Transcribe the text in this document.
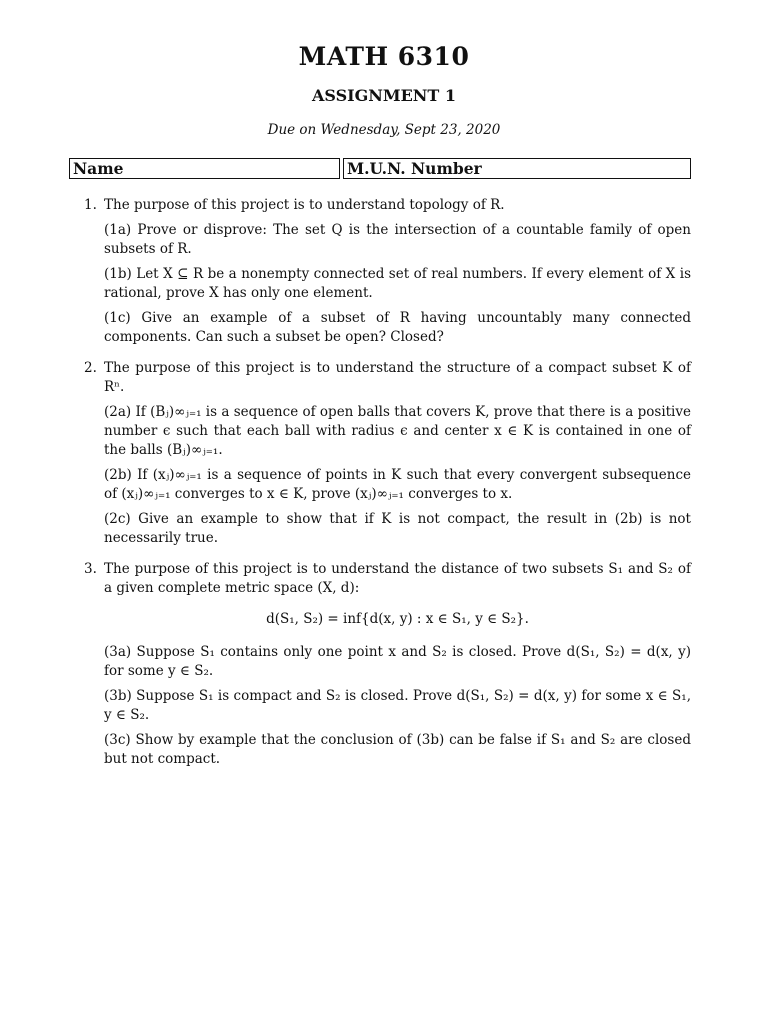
MATH 6310
ASSIGNMENT 1
Due on Wednesday, Sept 23, 2020
Name	M.U.N. Number
1. The purpose of this project is to understand topology of R.

(1a) Prove or disprove: The set Q is the intersection of a countable family of open subsets of R.

(1b) Let X ⊆ R be a nonempty connected set of real numbers. If every element of X is rational, prove X has only one element.

(1c) Give an example of a subset of R having uncountably many connected components. Can such a subset be open? Closed?

2. The purpose of this project is to understand the structure of a compact subset K of Rⁿ.

(2a) If (Bⱼ)∞ⱼ₌₁ is a sequence of open balls that covers K, prove that there is a positive number ϵ such that each ball with radius ϵ and center x ∈ K is contained in one of the balls (Bⱼ)∞ⱼ₌₁.

(2b) If (xⱼ)∞ⱼ₌₁ is a sequence of points in K such that every convergent subsequence of (xⱼ)∞ⱼ₌₁ converges to x ∈ K, prove (xⱼ)∞ⱼ₌₁ converges to x.

(2c) Give an example to show that if K is not compact, the result in (2b) is not necessarily true.

3. The purpose of this project is to understand the distance of two subsets S₁ and S₂ of a given complete metric space (X, d):

d(S₁, S₂) = inf{d(x, y) : x ∈ S₁, y ∈ S₂}.

(3a) Suppose S₁ contains only one point x and S₂ is closed. Prove d(S₁, S₂) = d(x, y) for some y ∈ S₂.

(3b) Suppose S₁ is compact and S₂ is closed. Prove d(S₁, S₂) = d(x, y) for some x ∈ S₁, y ∈ S₂.

(3c) Show by example that the conclusion of (3b) can be false if S₁ and S₂ are closed but not compact.
